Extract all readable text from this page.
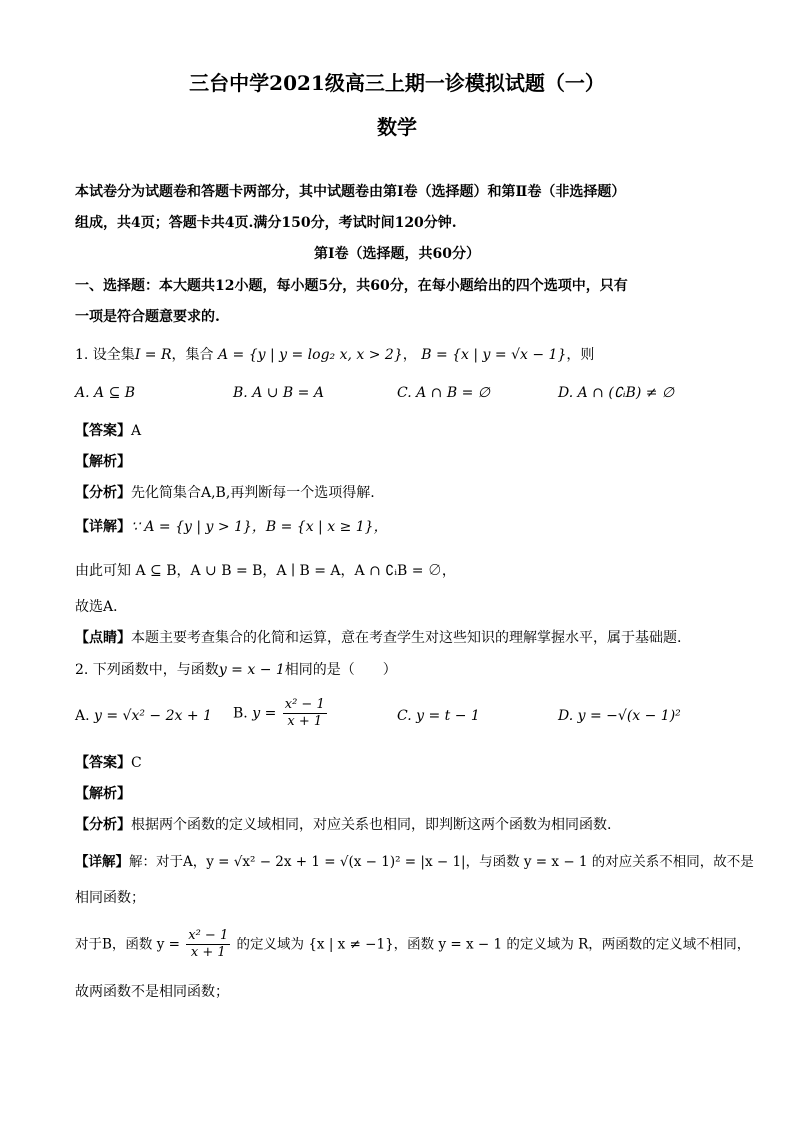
三台中学2021级高三上期一诊模拟试题（一）
数学
本试卷分为试题卷和答题卡两部分，其中试题卷由第Ⅰ卷（选择题）和第Ⅱ卷（非选择题）
组成，共4页；答题卡共4页.满分150分，考试时间120分钟.
第Ⅰ卷（选择题，共60分）
一、选择题：本大题共12小题，每小题5分，共60分，在每小题给出的四个选项中，只有
一项是符合题意要求的.
1. 设全集I = R，集合 A = {y | y = log₂ x, x > 2}， B = {x | y = √x − 1}，则
A. A ⊆ B	B. A ∪ B = A	C. A ∩ B = ∅	D. A ∩ (∁ᵢB) ≠ ∅
【答案】A
【解析】
【分析】先化简集合A,B,再判断每一个选项得解.
【详解】∵ A = {y | y > 1}，B = {x | x ≥ 1}，
由此可知 A ⊆ B，A ∪ B = B，A ∣ B = A，A ∩ ∁ᵢB = ∅，
故选A．
【点睛】本题主要考查集合的化简和运算，意在考查学生对这些知识的理解掌握水平，属于基础题.
2. 下列函数中，与函数y = x − 1相同的是（　　）
A. y = √x² − 2x + 1 B. $y = \frac{\text{x² − 1}}{x + 1}$	C. y = t − 1	D. y = −√(x − 1)²
【答案】C
【解析】
【分析】根据两个函数的定义域相同，对应关系也相同，即判断这两个函数为相同函数.
【详解】解：对于A，y = √x² − 2x + 1 = √(x − 1)² = |x − 1|，与函数 y = x − 1 的对应关系不相同，故不是
相同函数；
对于B，函数 $y = \frac{\text{x² − 1}}{x + 1}$ 的定义域为 {x | x ≠ −1}，函数 y = x − 1 的定义域为 R，两函数的定义域不相同，
故两函数不是相同函数；
